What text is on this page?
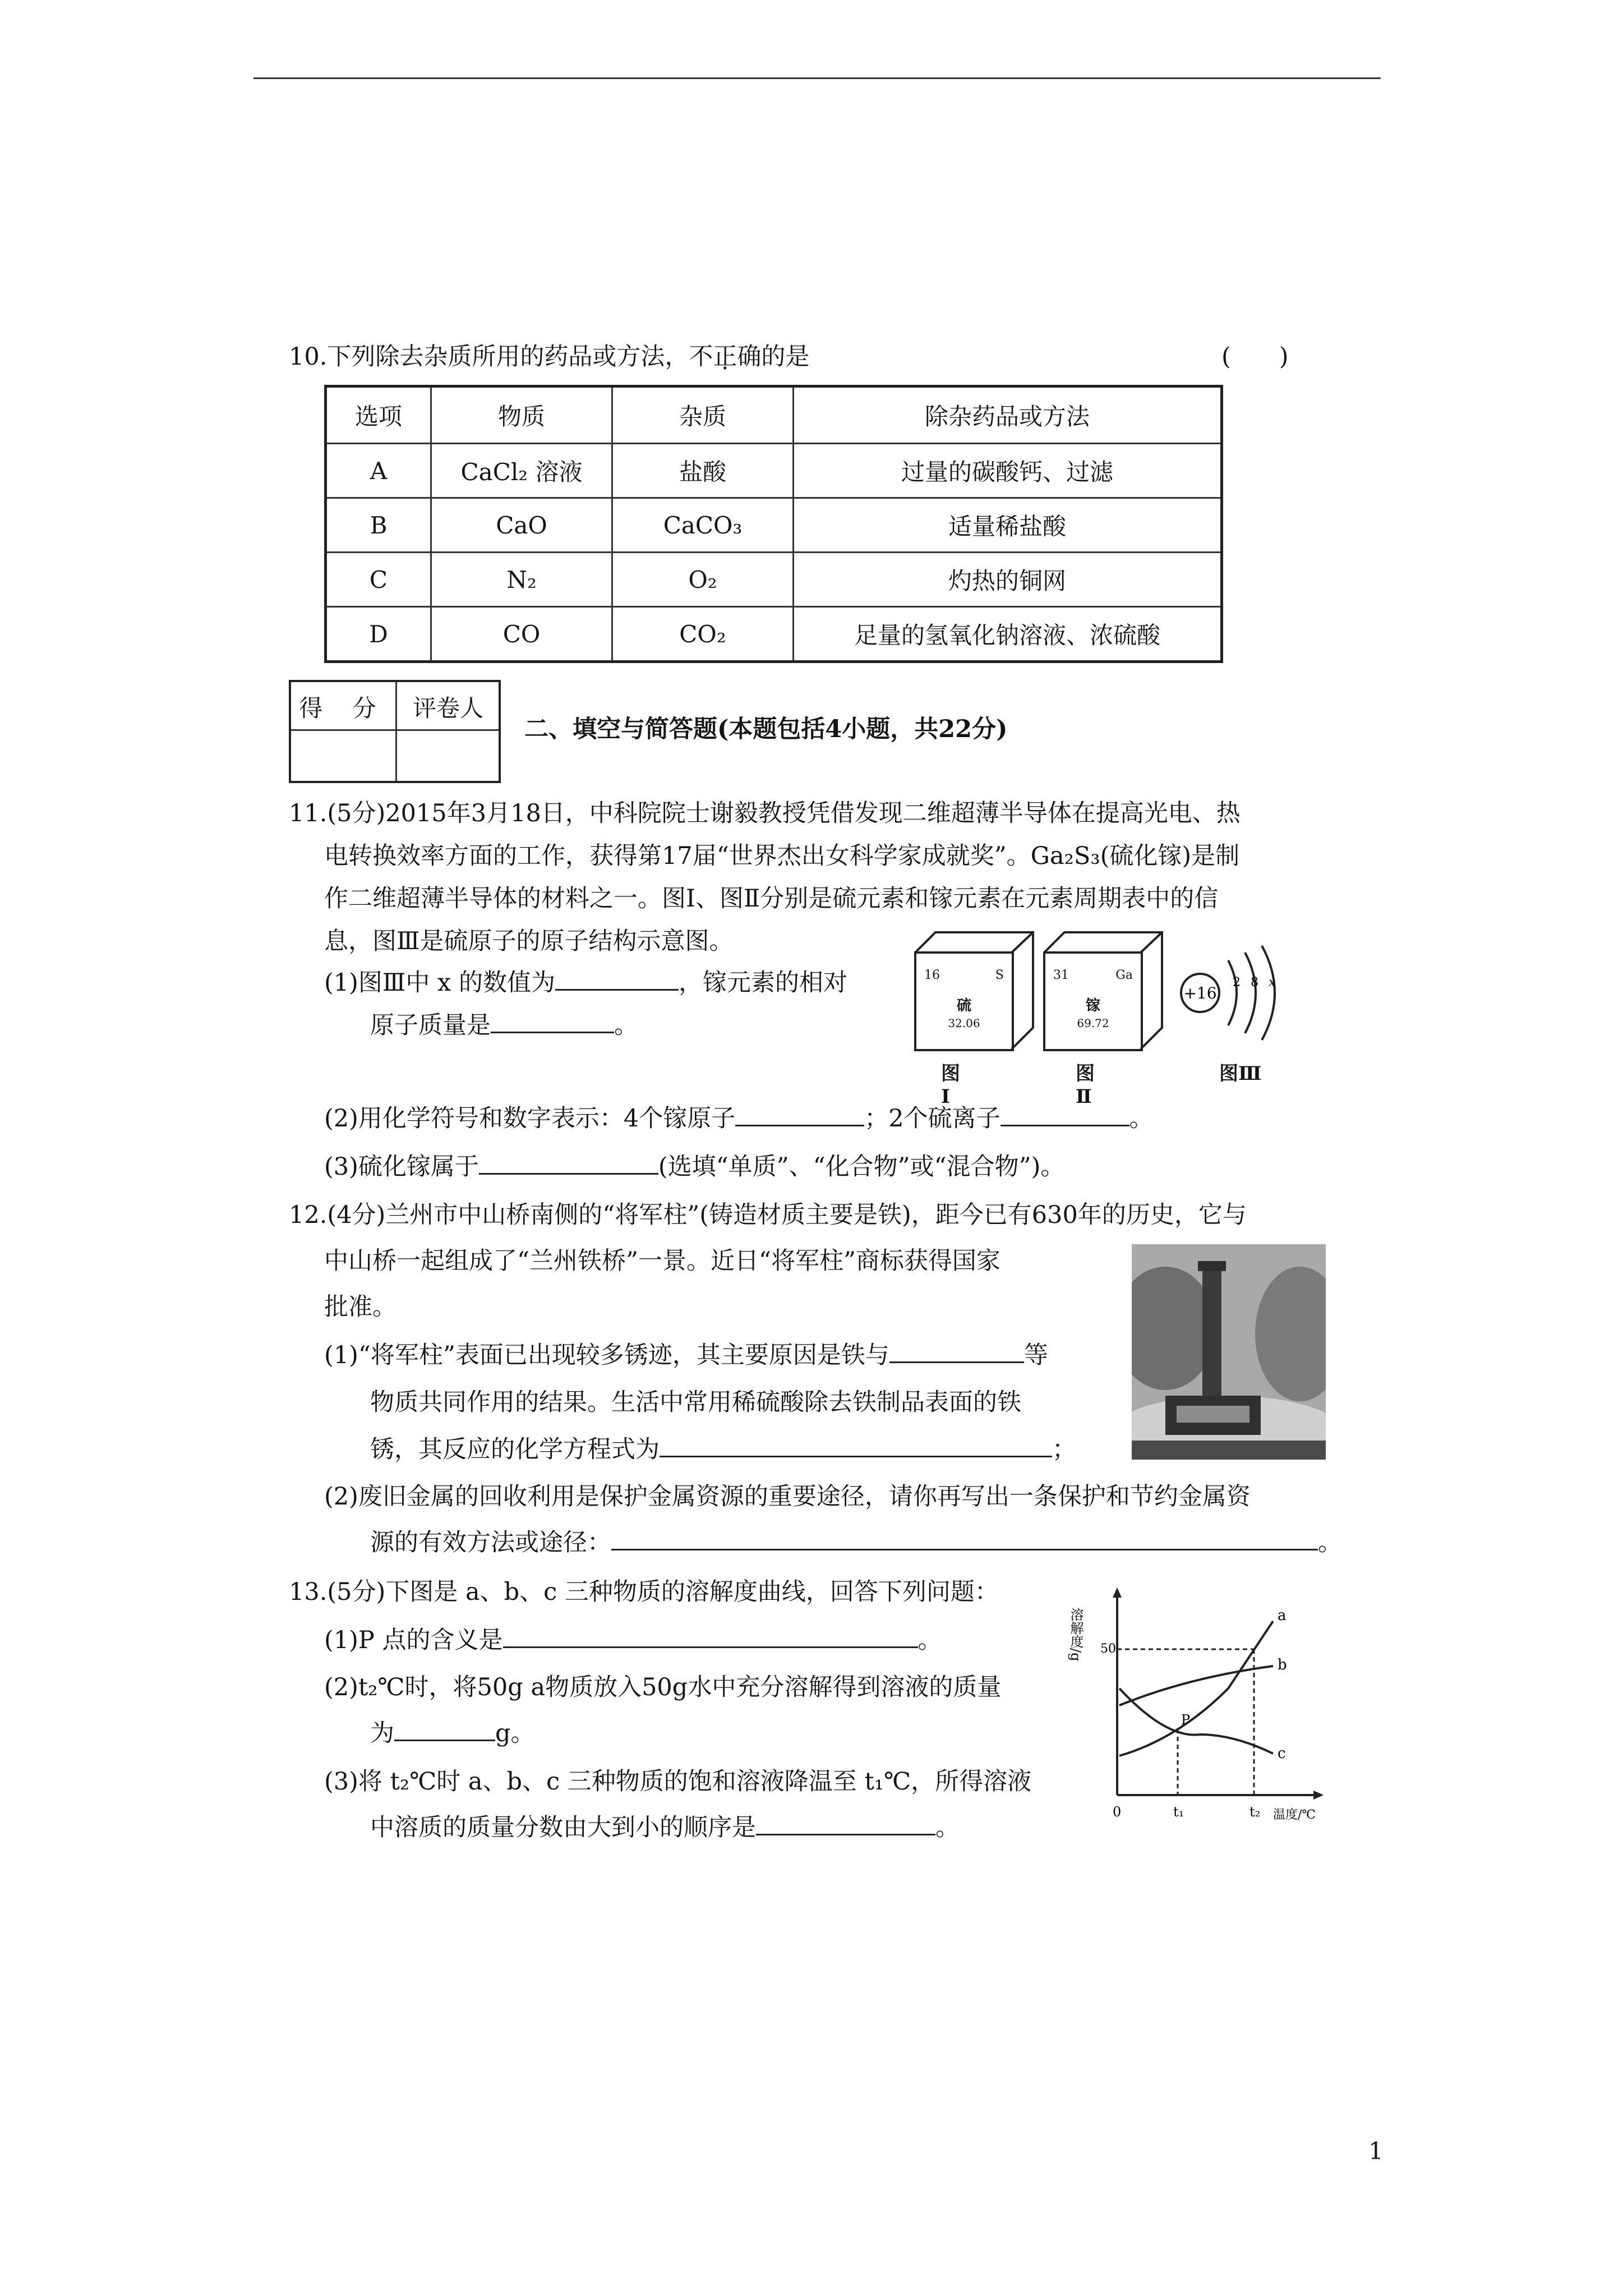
10.下列除去杂质所用的药品或方法，不正确的是	(　　)
选项	物质	杂质	除杂药品或方法
A	CaCl₂ 溶液	盐酸	过量的碳酸钙、过滤
B	CaO	CaCO₃	适量稀盐酸
C	N₂	O₂	灼热的铜网
D	CO	CO₂	足量的氢氧化钠溶液、浓硫酸
得 分	评卷人
二、填空与简答题(本题包括4小题，共22分)
11.(5分)2015年3月18日，中科院院士谢毅教授凭借发现二维超薄半导体在提高光电、热
电转换效率方面的工作，获得第17届“世界杰出女科学家成就奖”。Ga₂S₃(硫化镓)是制
作二维超薄半导体的材料之一。图Ⅰ、图Ⅱ分别是硫元素和镓元素在元素周期表中的信
息，图Ⅲ是硫原子的原子结构示意图。
(1)图Ⅲ中 x 的数值为	，镓元素的相对
原子质量是	。
16	S
硫
32.06
图Ⅰ
31	Ga
镓
69.72
图Ⅱ
+16
2 8 x
图Ⅲ
(2)用化学符号和数字表示：4个镓原子	；2个硫离子	。
(3)硫化镓属于	(选填“单质”、“化合物”或“混合物”)。
12.(4分)兰州市中山桥南侧的“将军柱”(铸造材质主要是铁)，距今已有630年的历史，它与
中山桥一起组成了“兰州铁桥”一景。近日“将军柱”商标获得国家
批准。
(1)“将军柱”表面已出现较多锈迹，其主要原因是铁与	等
物质共同作用的结果。生活中常用稀硫酸除去铁制品表面的铁
锈，其反应的化学方程式为	；
(2)废旧金属的回收利用是保护金属资源的重要途径，请你再写出一条保护和节约金属资
源的有效方法或途径：	。
13.(5分)下图是 a、b、c 三种物质的溶解度曲线，回答下列问题：
(1)P 点的含义是	。
(2)t₂℃时，将50g a物质放入50g水中充分溶解得到溶液的质量
为	g。
(3)将 t₂℃时 a、b、c 三种物质的饱和溶液降温至 t₁℃，所得溶液
中溶质的质量分数由大到小的顺序是	。
溶解度/g 50
a
b
c
P
0	t₁	t₂ 温度/℃
1
